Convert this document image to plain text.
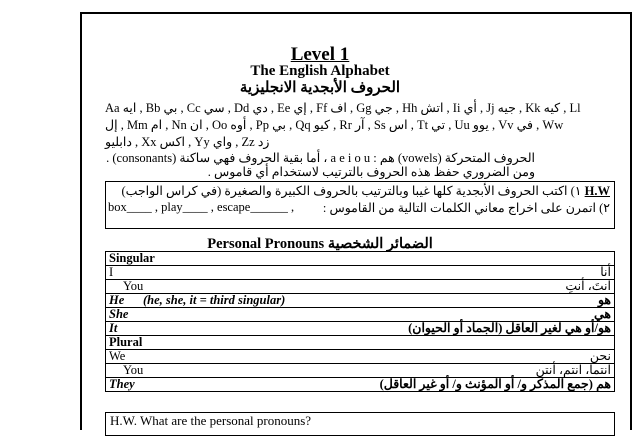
Level 1
The English Alphabet
الحروف الأبجدية الانجليزية
Aa ايه , Bb بي , Cc سي , Dd دي , Ee إي , Ff اف , Gg جي , Hh اتش , Ii أي , Jj جيه , Kk كيه , Ll
إل , Mm ام , Nn ان , Oo أوه , Pp بي , Qq كيو , Rr آر , Ss اس , Tt تي , Uu يوو , Vv في , Ww
دابليو , Xx اكس , Yy واي , Zz زد
الحروف المتحركة (vowels) هم : a e i o u ، أما بقية الحروف فهي ساكنة (consonants) .
ومن الضروري حفظ هذه الحروف بالترتيب لاستخدام أي قاموس .
H.W ١) اكتب الحروف الأبجدية كلها غيبا وبالترتيب بالحروف الكبيرة والصغيرة (في كراس الواجب)
box____ , play____ , escape______ , ٢) اتمرن على اخراج معاني الكلمات التالية من القاموس :
Personal Pronouns الضمائر الشخصية
Singular

I	أنا

You	انتَ، أنتِ

He      (he, she, it = third singular)	هو

She	هي

It	هو/أو هي لغير العاقل (الجماد أو الحيوان)

Plural

We	نحن

You	انتما، انتم، أنتن

They	هم (جمع المذكر و/ أو المؤنث و/ أو غير العاقل)
H.W. What are the personal pronouns?
